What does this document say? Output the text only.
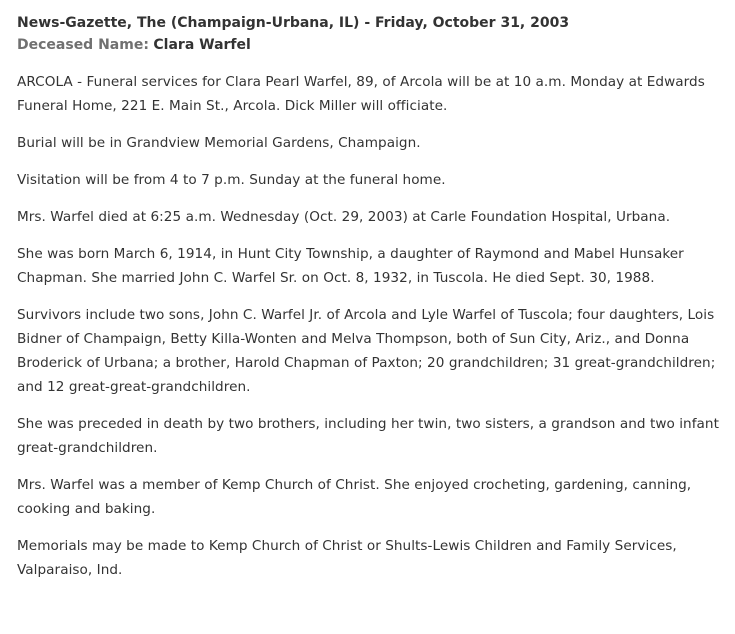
News-Gazette, The (Champaign-Urbana, IL) - Friday, October 31, 2003
Deceased Name: Clara Warfel

ARCOLA - Funeral services for Clara Pearl Warfel, 89, of Arcola will be at 10 a.m. Monday at Edwards Funeral Home, 221 E. Main St., Arcola. Dick Miller will officiate.

Burial will be in Grandview Memorial Gardens, Champaign.

Visitation will be from 4 to 7 p.m. Sunday at the funeral home.

Mrs. Warfel died at 6:25 a.m. Wednesday (Oct. 29, 2003) at Carle Foundation Hospital, Urbana.

She was born March 6, 1914, in Hunt City Township, a daughter of Raymond and Mabel Hunsaker Chapman. She married John C. Warfel Sr. on Oct. 8, 1932, in Tuscola. He died Sept. 30, 1988.

Survivors include two sons, John C. Warfel Jr. of Arcola and Lyle Warfel of Tuscola; four daughters, Lois Bidner of Champaign, Betty Killa-Wonten and Melva Thompson, both of Sun City, Ariz., and Donna Broderick of Urbana; a brother, Harold Chapman of Paxton; 20 grandchildren; 31 great-grandchildren; and 12 great-great-grandchildren.

She was preceded in death by two brothers, including her twin, two sisters, a grandson and two infant great-grandchildren.

Mrs. Warfel was a member of Kemp Church of Christ. She enjoyed crocheting, gardening, canning, cooking and baking.

Memorials may be made to Kemp Church of Christ or Shults-Lewis Children and Family Services, Valparaiso, Ind.
